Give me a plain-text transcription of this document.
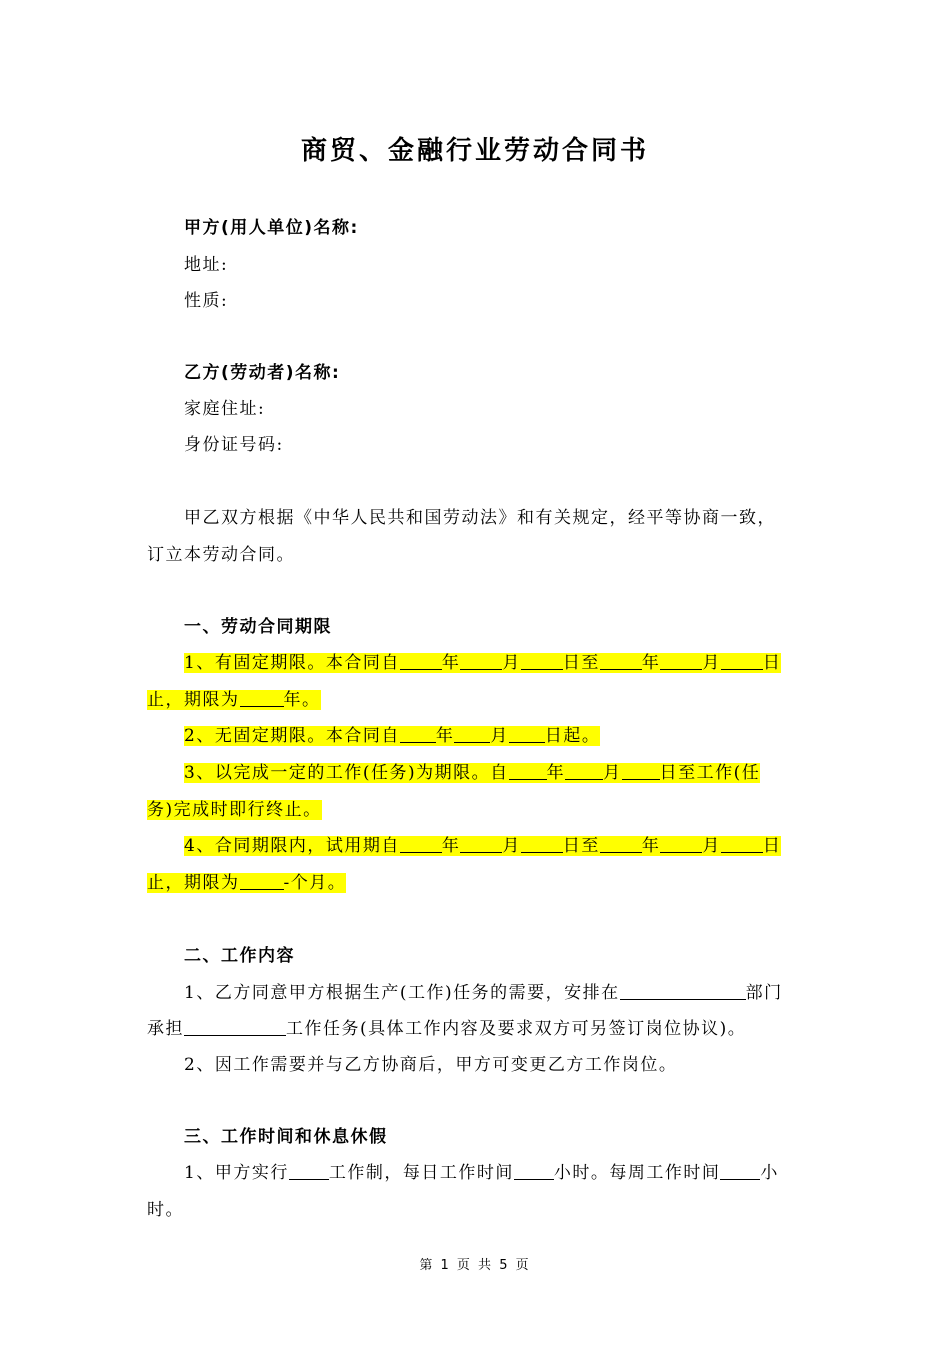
商贸、金融行业劳动合同书
甲方(用人单位)名称:
地址:
性质:
乙方(劳动者)名称:
家庭住址:
身份证号码:
甲乙双方根据《中华人民共和国劳动法》和有关规定，经平等协商一致，
订立本劳动合同。
一、劳动合同期限
1、有固定期限。本合同自 年 月 日至 年 月 日
止，期限为	年。
2、无固定期限。本合同自 年 月 日起。
3、以完成一定的工作(任务)为期限。自 年 月 日至工作(任
务)完成时即行终止。
4、合同期限内，试用期自 年 月 日至 年 月 日
止，期限为	-个月。
二、工作内容
1、乙方同意甲方根据生产(工作)任务的需要，安排在	部门
承担	工作任务(具体工作内容及要求双方可另签订岗位协议)。
2、因工作需要并与乙方协商后，甲方可变更乙方工作岗位。
三、工作时间和休息休假
1、甲方实行 工作制，每日工作时间 小时。每周工作时间 小
时。
第 1 页 共 5 页
